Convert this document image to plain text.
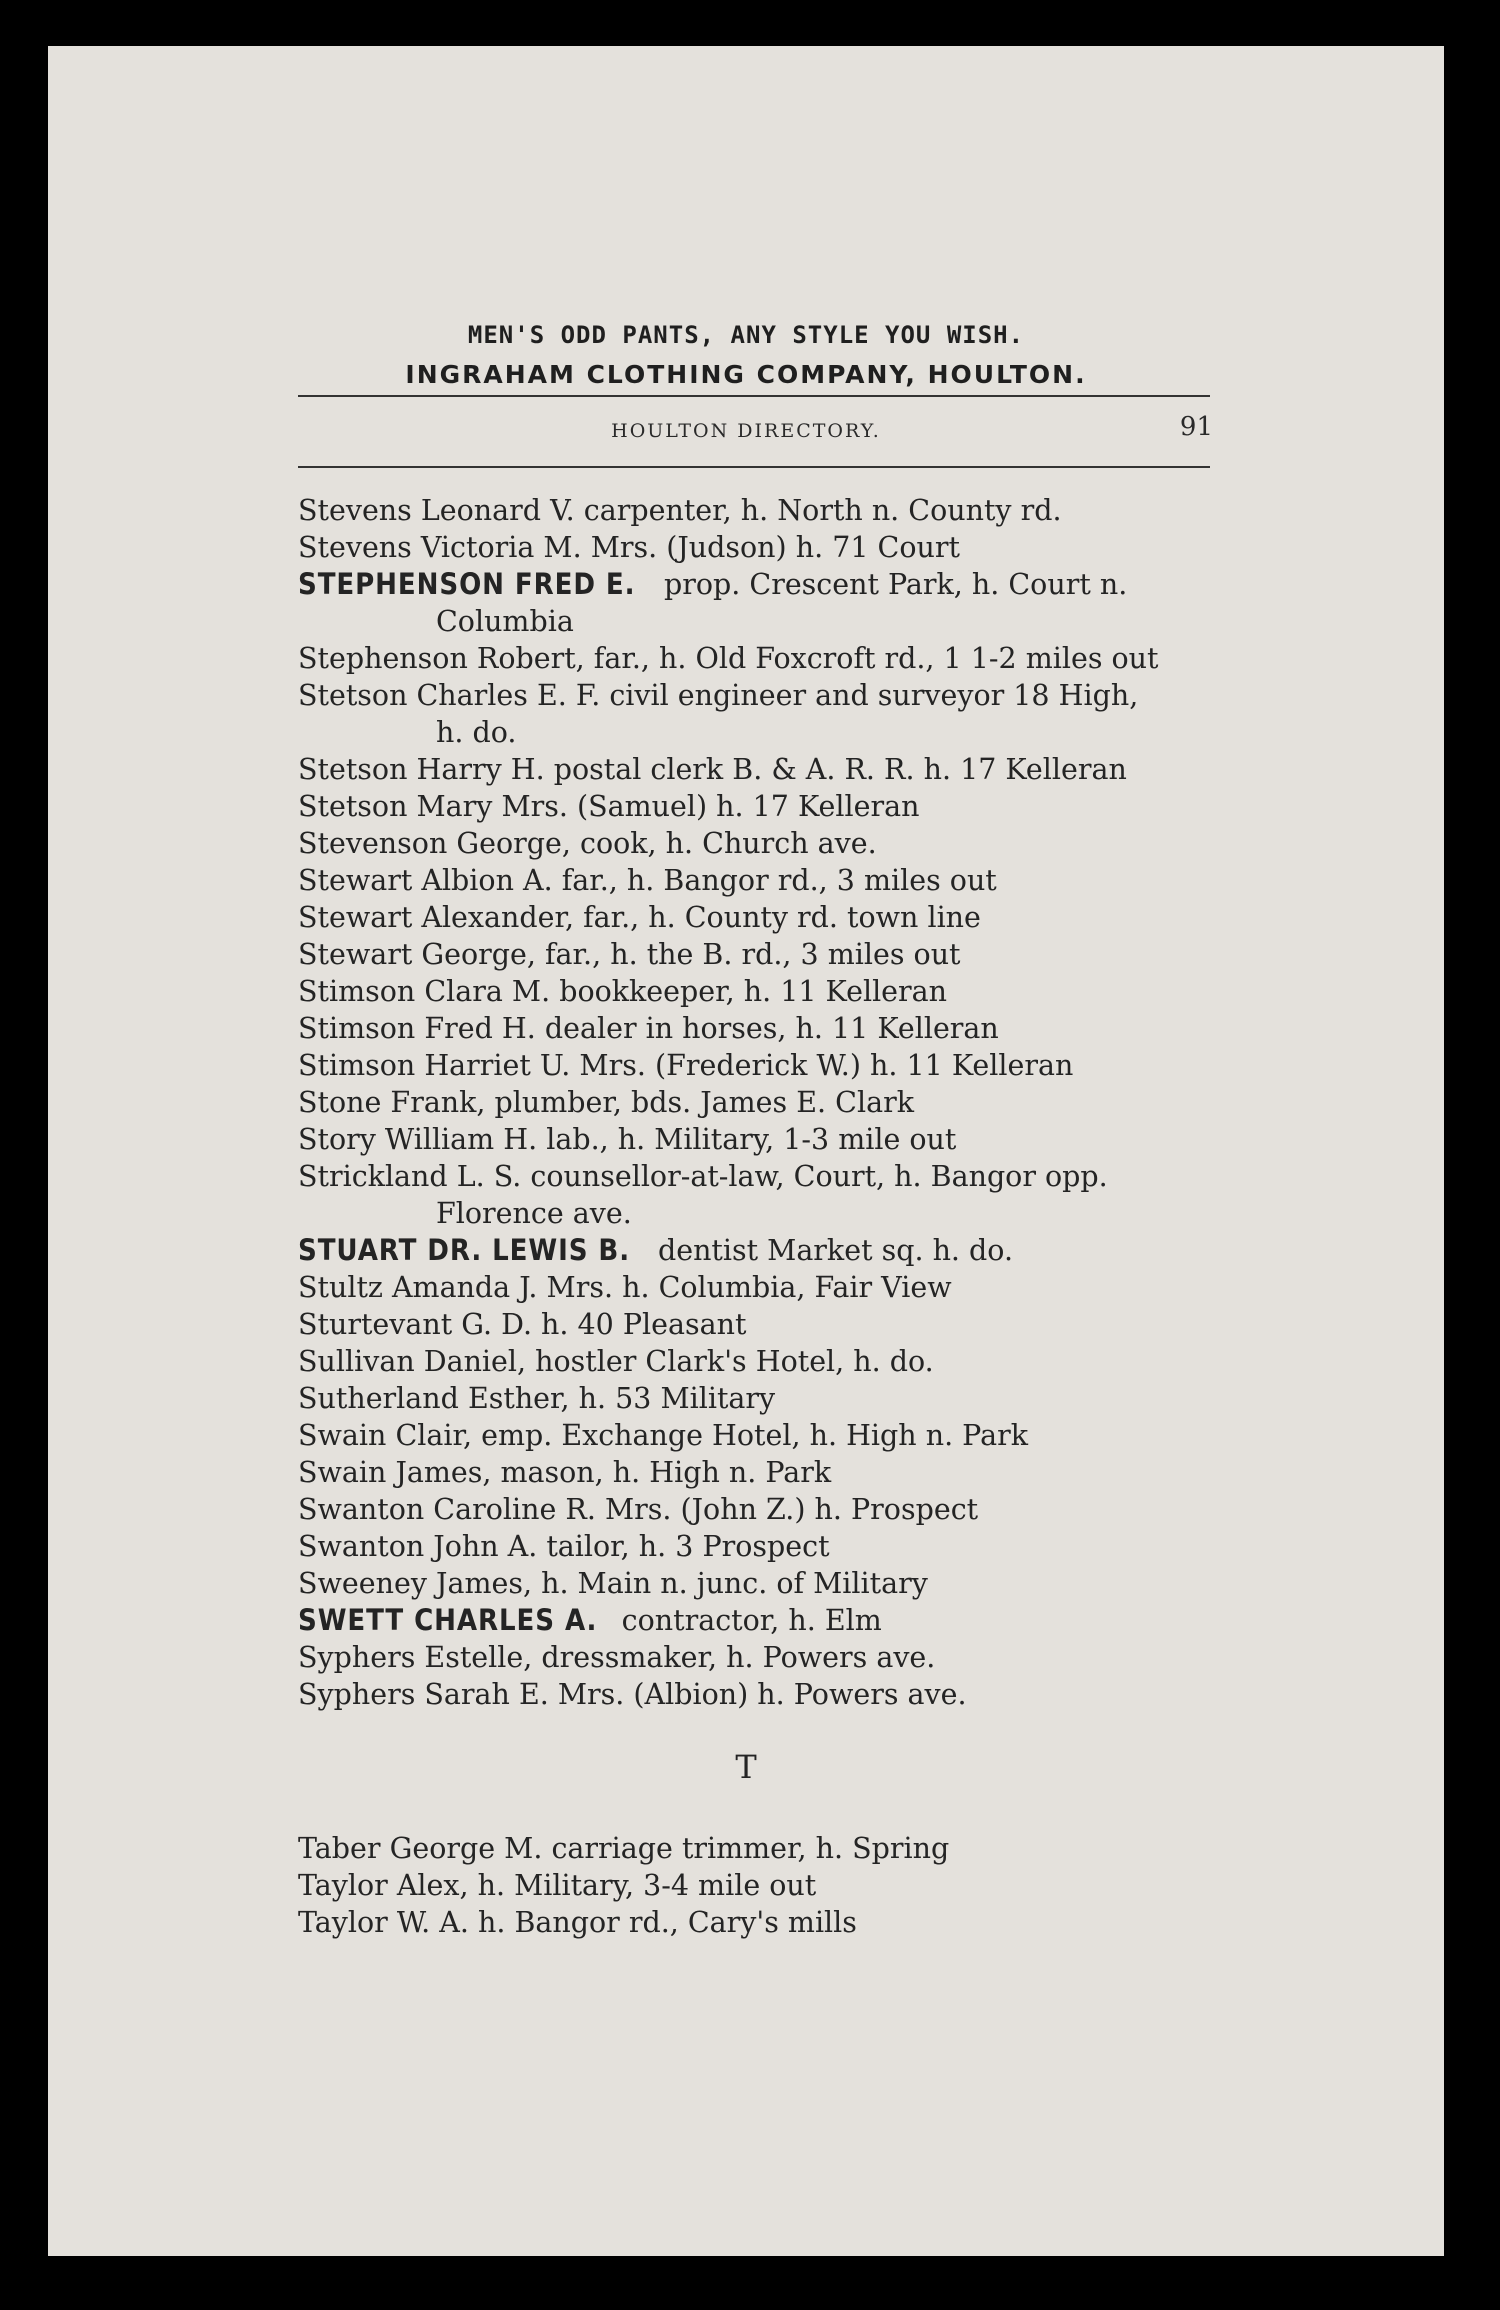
MEN'S ODD PANTS, ANY STYLE YOU WISH.
INGRAHAM CLOTHING COMPANY, HOULTON.
HOULTON DIRECTORY.	91
Stevens Leonard V. carpenter, h. North n. County rd.
Stevens Victoria M. Mrs. (Judson) h. 71 Court
STEPHENSON FRED E. prop. Crescent Park, h. Court n.
Columbia
Stephenson Robert, far., h. Old Foxcroft rd., 1 1-2 miles out
Stetson Charles E. F. civil engineer and surveyor 18 High,
h. do.
Stetson Harry H. postal clerk B. & A. R. R. h. 17 Kelleran
Stetson Mary Mrs. (Samuel) h. 17 Kelleran
Stevenson George, cook, h. Church ave.
Stewart Albion A. far., h. Bangor rd., 3 miles out
Stewart Alexander, far., h. County rd. town line
Stewart George, far., h. the B. rd., 3 miles out
Stimson Clara M. bookkeeper, h. 11 Kelleran
Stimson Fred H. dealer in horses, h. 11 Kelleran
Stimson Harriet U. Mrs. (Frederick W.) h. 11 Kelleran
Stone Frank, plumber, bds. James E. Clark
Story William H. lab., h. Military, 1-3 mile out
Strickland L. S. counsellor-at-law, Court, h. Bangor opp.
Florence ave.
STUART DR. LEWIS B. dentist Market sq. h. do.
Stultz Amanda J. Mrs. h. Columbia, Fair View
Sturtevant G. D. h. 40 Pleasant
Sullivan Daniel, hostler Clark's Hotel, h. do.
Sutherland Esther, h. 53 Military
Swain Clair, emp. Exchange Hotel, h. High n. Park
Swain James, mason, h. High n. Park
Swanton Caroline R. Mrs. (John Z.) h. Prospect
Swanton John A. tailor, h. 3 Prospect
Sweeney James, h. Main n. junc. of Military
SWETT CHARLES A. contractor, h. Elm
Syphers Estelle, dressmaker, h. Powers ave.
Syphers Sarah E. Mrs. (Albion) h. Powers ave.
T
Taber George M. carriage trimmer, h. Spring
Taylor Alex, h. Military, 3-4 mile out
Taylor W. A. h. Bangor rd., Cary's mills
